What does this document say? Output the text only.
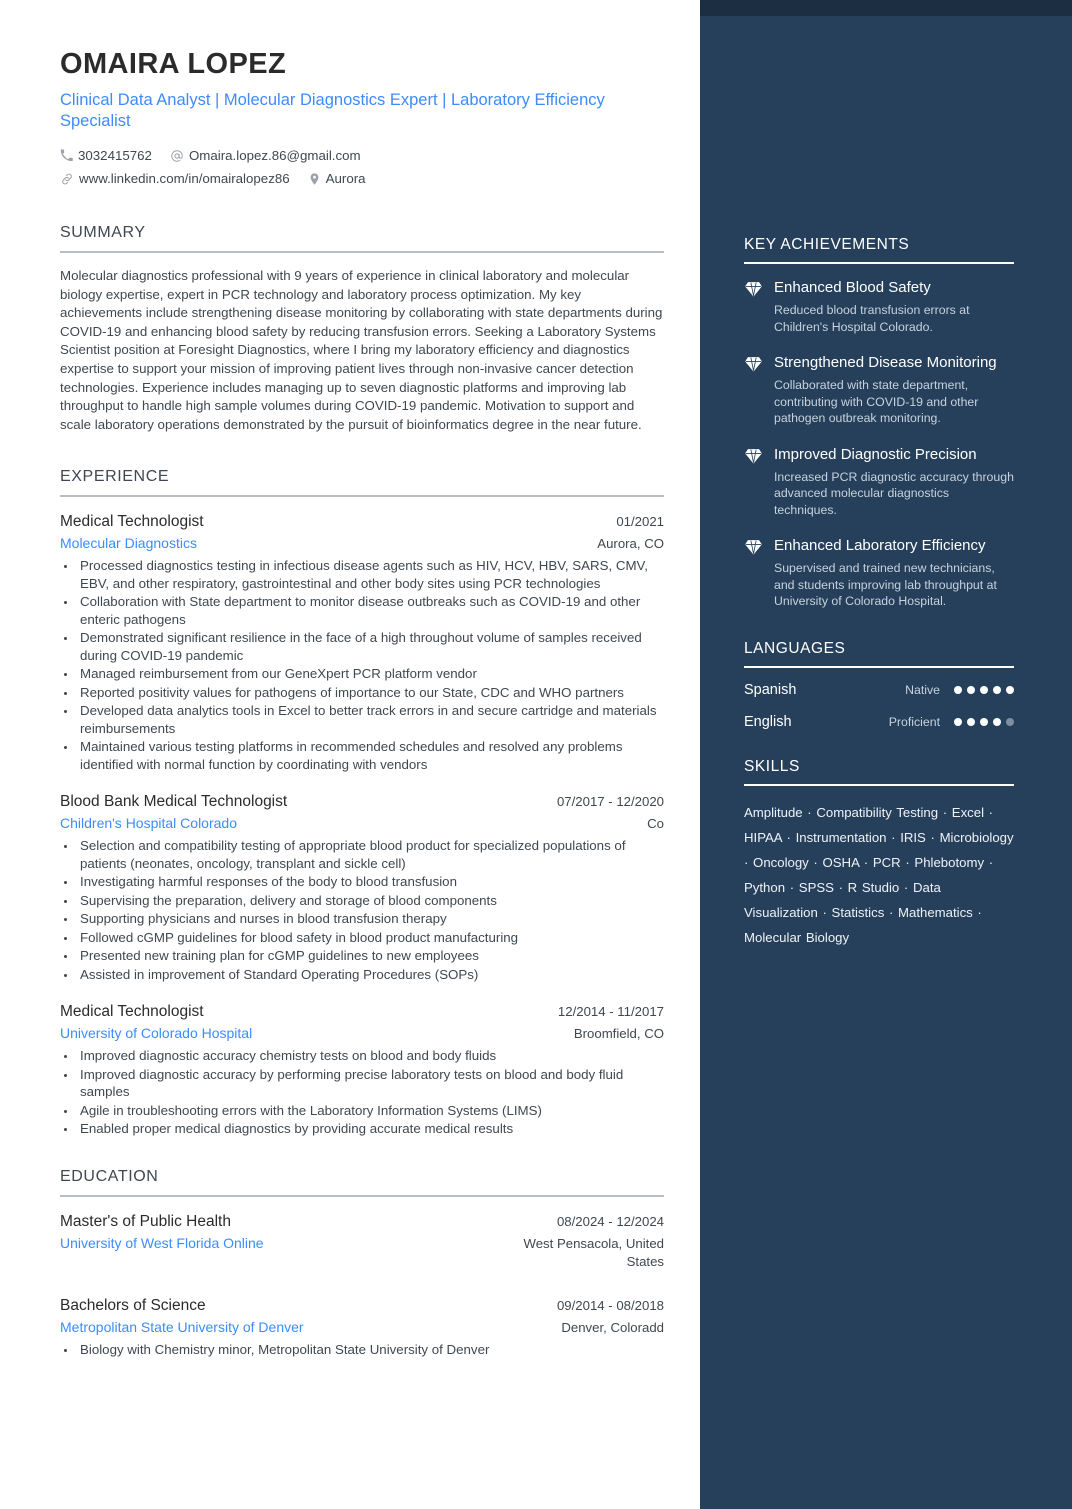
KEY ACHIEVEMENTS
Enhanced Blood Safety
Reduced blood transfusion errors at Children's Hospital Colorado.
Strengthened Disease Monitoring
Collaborated with state department, contributing with COVID-19 and other pathogen outbreak monitoring.
Improved Diagnostic Precision
Increased PCR diagnostic accuracy through advanced molecular diagnostics techniques.
Enhanced Laboratory Efficiency
Supervised and trained new technicians, and students improving lab throughput at University of Colorado Hospital.
LANGUAGES
Spanish	Native
English	Proficient
SKILLS
Amplitude · Compatibility Testing · Excel · HIPAA · Instrumentation · IRIS · Microbiology · Oncology · OSHA · PCR · Phlebotomy · Python · SPSS · R Studio · Data Visualization · Statistics · Mathematics · Molecular Biology
OMAIRA LOPEZ
Clinical Data Analyst | Molecular Diagnostics Expert | Laboratory Efficiency Specialist
3032415762	Omaira.lopez.86@gmail.com
www.linkedin.com/in/omairalopez86	Aurora
SUMMARY

Molecular diagnostics professional with 9 years of experience in clinical laboratory and molecular biology expertise, expert in PCR technology and laboratory process optimization. My key achievements include strengthening disease monitoring by collaborating with state departments during COVID-19 and enhancing blood safety by reducing transfusion errors. Seeking a Laboratory Systems Scientist position at Foresight Diagnostics, where I bring my laboratory efficiency and diagnostics expertise to support your mission of improving patient lives through non-invasive cancer detection technologies. Experience includes managing up to seven diagnostic platforms and improving lab throughput to handle high sample volumes during COVID-19 pandemic. Motivation to support and scale laboratory operations demonstrated by the pursuit of bioinformatics degree in the near future.

EXPERIENCE
Medical Technologist	01/2021
Molecular Diagnostics	Aurora, CO
• Processed diagnostics testing in infectious disease agents such as HIV, HCV, HBV, SARS, CMV, EBV, and other respiratory, gastrointestinal and other body sites using PCR technologies
• Collaboration with State department to monitor disease outbreaks such as COVID-19 and other enteric pathogens
• Demonstrated significant resilience in the face of a high throughout volume of samples received during COVID-19 pandemic
• Managed reimbursement from our GeneXpert PCR platform vendor
• Reported positivity values for pathogens of importance to our State, CDC and WHO partners
• Developed data analytics tools in Excel to better track errors in and secure cartridge and materials reimbursements
• Maintained various testing platforms in recommended schedules and resolved any problems identified with normal function by coordinating with vendors
Blood Bank Medical Technologist	07/2017 - 12/2020
Children's Hospital Colorado	Co
• Selection and compatibility testing of appropriate blood product for specialized populations of patients (neonates, oncology, transplant and sickle cell)
• Investigating harmful responses of the body to blood transfusion
• Supervising the preparation, delivery and storage of blood components
• Supporting physicians and nurses in blood transfusion therapy
• Followed cGMP guidelines for blood safety in blood product manufacturing
• Presented new training plan for cGMP guidelines to new employees
• Assisted in improvement of Standard Operating Procedures (SOPs)
Medical Technologist	12/2014 - 11/2017
University of Colorado Hospital	Broomfield, CO
• Improved diagnostic accuracy chemistry tests on blood and body fluids
• Improved diagnostic accuracy by performing precise laboratory tests on blood and body fluid samples
• Agile in troubleshooting errors with the Laboratory Information Systems (LIMS)
• Enabled proper medical diagnostics by providing accurate medical results
EDUCATION
Master's of Public Health	08/2024 - 12/2024
University of West Florida Online	West Pensacola, United States
Bachelors of Science	09/2014 - 08/2018
Metropolitan State University of Denver	Denver, Coloradd
• Biology with Chemistry minor, Metropolitan State University of Denver
